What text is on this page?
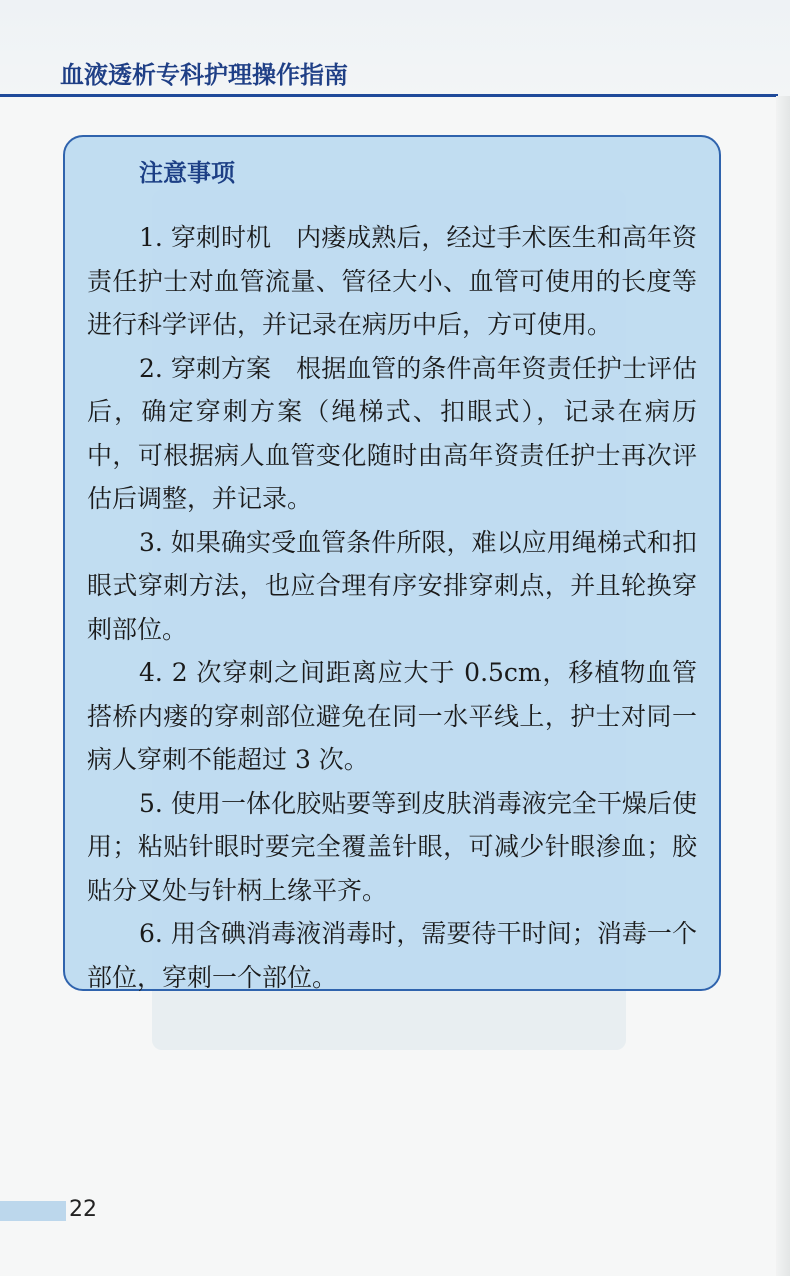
血液透析专科护理操作指南
注意事项

1. 穿刺时机　内瘘成熟后，经过手术医生和高年资责任护士对血管流量、管径大小、血管可使用的长度等进行科学评估，并记录在病历中后，方可使用。

2. 穿刺方案　根据血管的条件高年资责任护士评估后，确定穿刺方案（绳梯式、扣眼式），记录在病历中，可根据病人血管变化随时由高年资责任护士再次评估后调整，并记录。

3. 如果确实受血管条件所限，难以应用绳梯式和扣眼式穿刺方法，也应合理有序安排穿刺点，并且轮换穿刺部位。

4. 2 次穿刺之间距离应大于 0.5cm，移植物血管搭桥内瘘的穿刺部位避免在同一水平线上，护士对同一病人穿刺不能超过 3 次。

5. 使用一体化胶贴要等到皮肤消毒液完全干燥后使用；粘贴针眼时要完全覆盖针眼，可减少针眼渗血；胶贴分叉处与针柄上缘平齐。

6. 用含碘消毒液消毒时，需要待干时间；消毒一个部位，穿刺一个部位。

22
